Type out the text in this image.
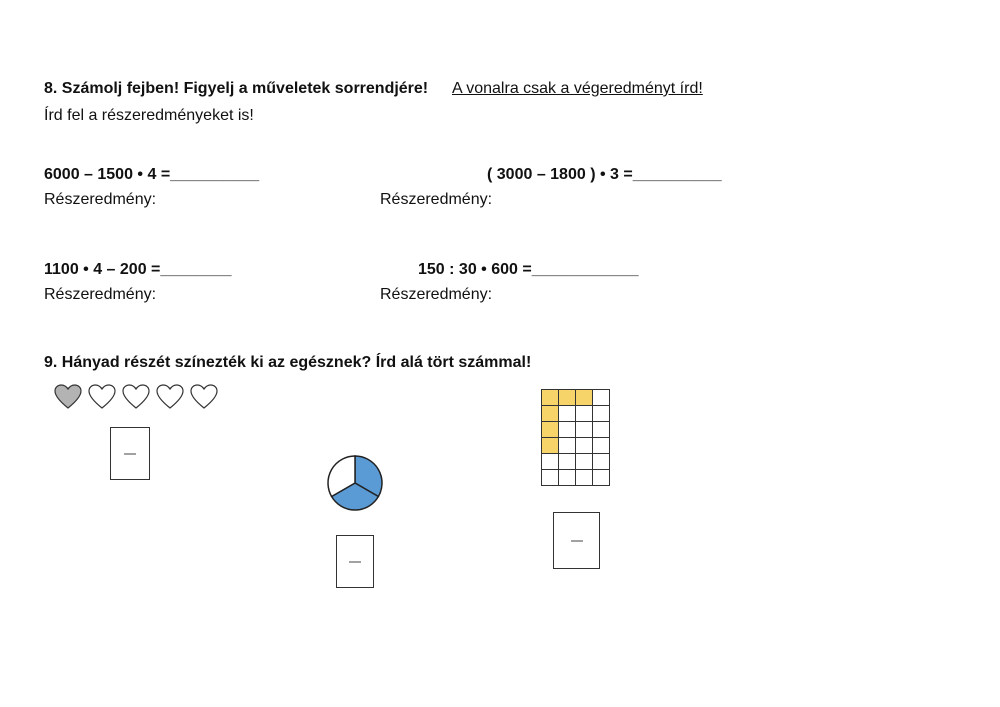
8. Számolj fejben! Figyelj a műveletek sorrendjére! A vonalra csak a végeredményt írd!
Írd fel a részeredményeket is!
6000 – 1500 • 4 =__________
Részeredmény:
( 3000 – 1800 ) • 3 =__________
Részeredmény:
1100 • 4 – 200 =________
Részeredmény:
150 : 30 • 600 =____________
Részeredmény:
9. Hányad részét színezték ki az egésznek? Írd alá tört számmal!
